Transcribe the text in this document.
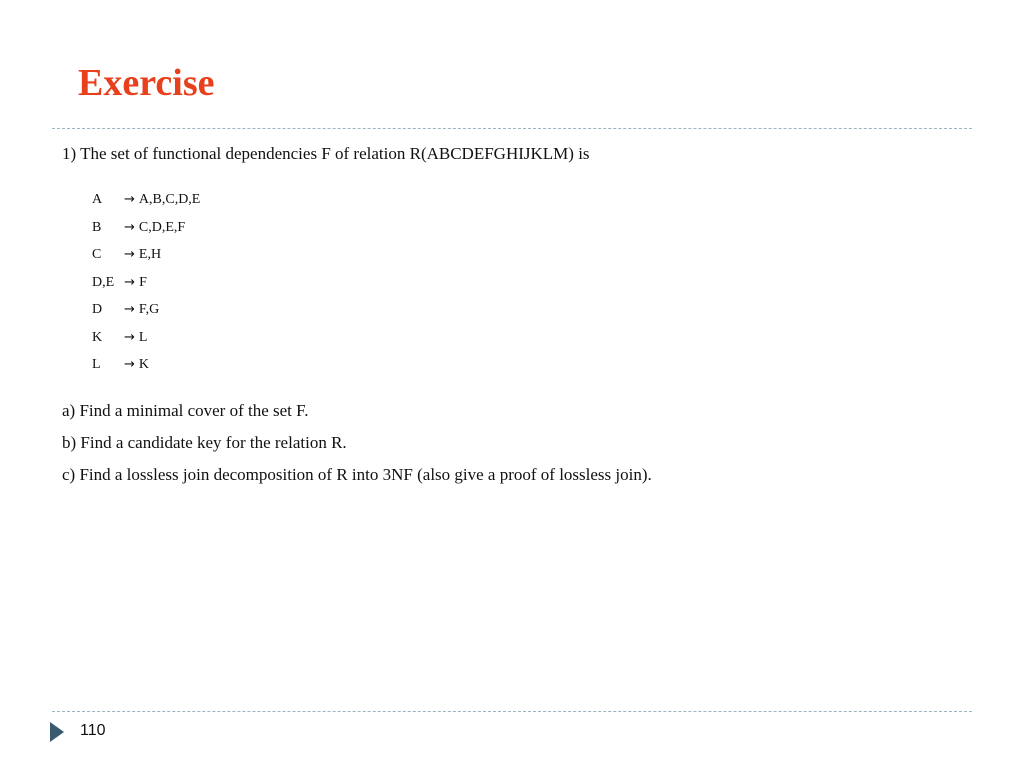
Exercise

1) The set of functional dependencies F of relation R(ABCDEFGHIJKLM) is

A	→ A,B,C,D,E
B	→ C,D,E,F
C	→ E,H
D,E → F
D	→ F,G
K	→ L
L	→ K
a) Find a minimal cover of the set F.
b) Find a candidate key for the relation R.
c) Find a lossless join decomposition of R into 3NF (also give a proof of lossless join).
110
